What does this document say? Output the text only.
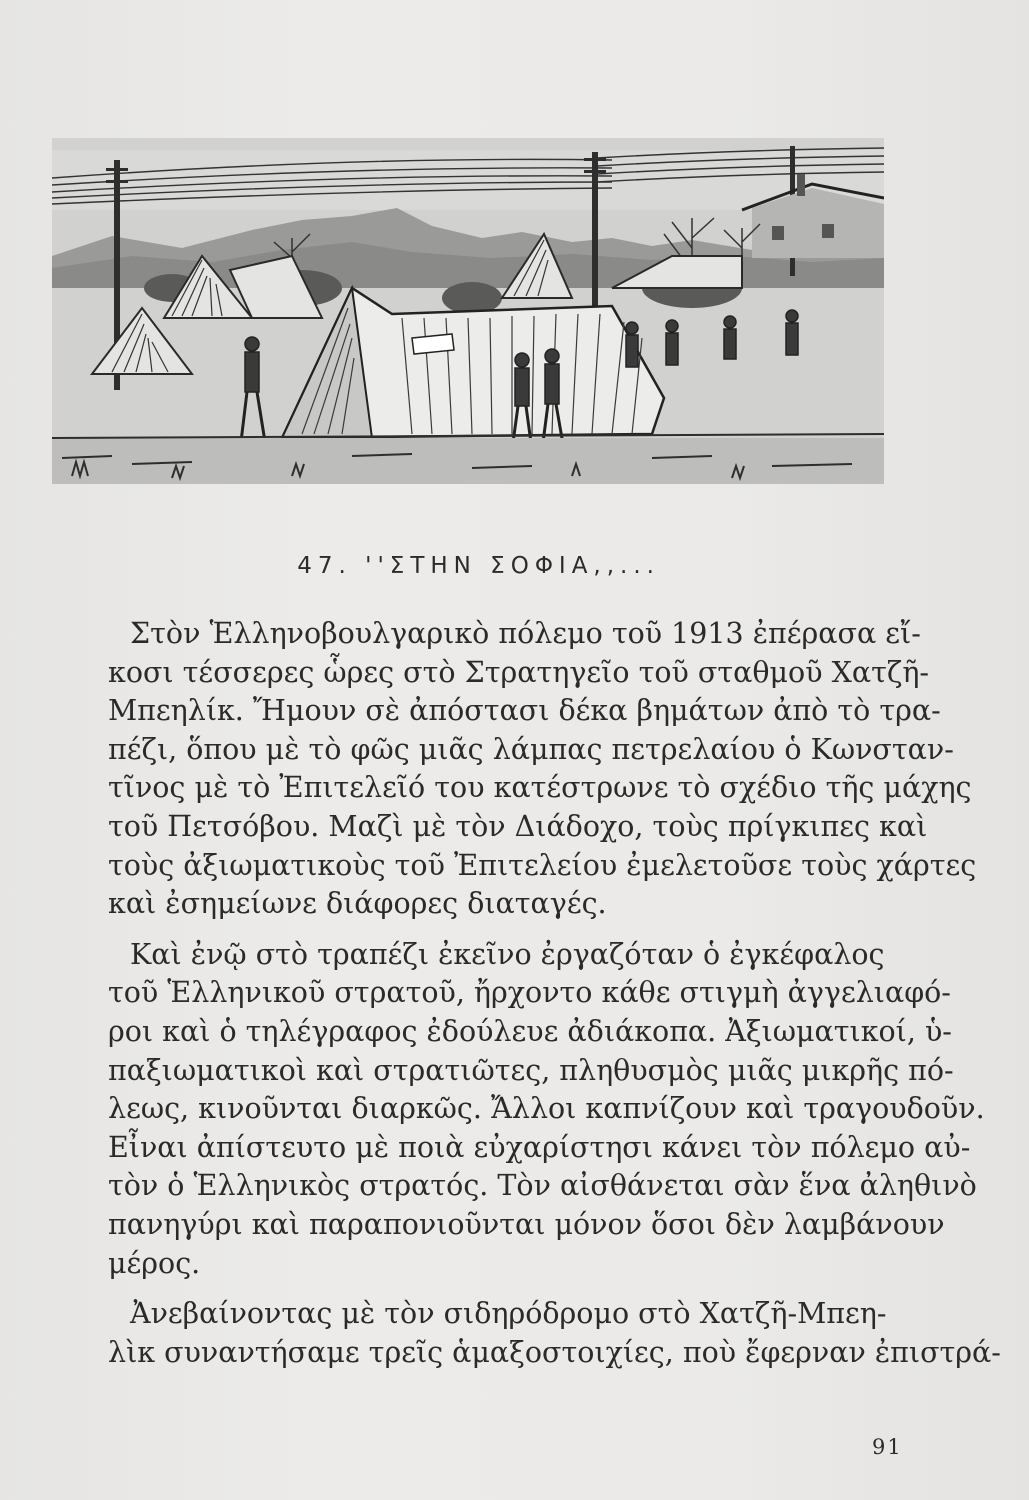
47. ''ΣΤΗΝ ΣΟΦΙΑ,,...
Στὸν Ἑλληνοβουλγαρικὸ πόλεμο τοῦ 1913 ἐπέρασα εἴ-
κοσι τέσσερες ὧρες στὸ Στρατηγεῖο τοῦ σταθμοῦ Χατζῆ-
Μπεηλίκ. Ἤμουν σὲ ἀπόστασι δέκα βημάτων ἀπὸ τὸ τρα-
πέζι, ὅπου μὲ τὸ φῶς μιᾶς λάμπας πετρελαίου ὁ Κωνσταν-
τῖνος μὲ τὸ Ἐπιτελεῖό του κατέστρωνε τὸ σχέδιο τῆς μάχης
τοῦ Πετσόβου. Μαζὶ μὲ τὸν Διάδοχο, τοὺς πρίγκιπες καὶ
τοὺς ἀξιωματικοὺς τοῦ Ἐπιτελείου ἐμελετοῦσε τοὺς χάρτες
καὶ ἐσημείωνε διάφορες διαταγές.
Καὶ ἐνῷ στὸ τραπέζι ἐκεῖνο ἐργαζόταν ὁ ἐγκέφαλος
τοῦ Ἑλληνικοῦ στρατοῦ, ἤρχοντο κάθε στιγμὴ ἀγγελιαφό-
ροι καὶ ὁ τηλέγραφος ἐδούλευε ἀδιάκοπα. Ἀξιωματικοί, ὑ-
παξιωματικοὶ καὶ στρατιῶτες, πληθυσμὸς μιᾶς μικρῆς πό-
λεως, κινοῦνται διαρκῶς. Ἄλλοι καπνίζουν καὶ τραγουδοῦν.
Εἶναι ἀπίστευτο μὲ ποιὰ εὐχαρίστησι κάνει τὸν πόλεμο αὐ-
τὸν ὁ Ἑλληνικὸς στρατός. Τὸν αἰσθάνεται σὰν ἕνα ἀληθινὸ
πανηγύρι καὶ παραπονιοῦνται μόνον ὅσοι δὲν λαμβάνουν
μέρος.
Ἀνεβαίνοντας μὲ τὸν σιδηρόδρομο στὸ Χατζῆ-Μπεη-
λὶκ συναντήσαμε τρεῖς ἁμαξοστοιχίες, ποὺ ἔφερναν ἐπιστρά-
91
